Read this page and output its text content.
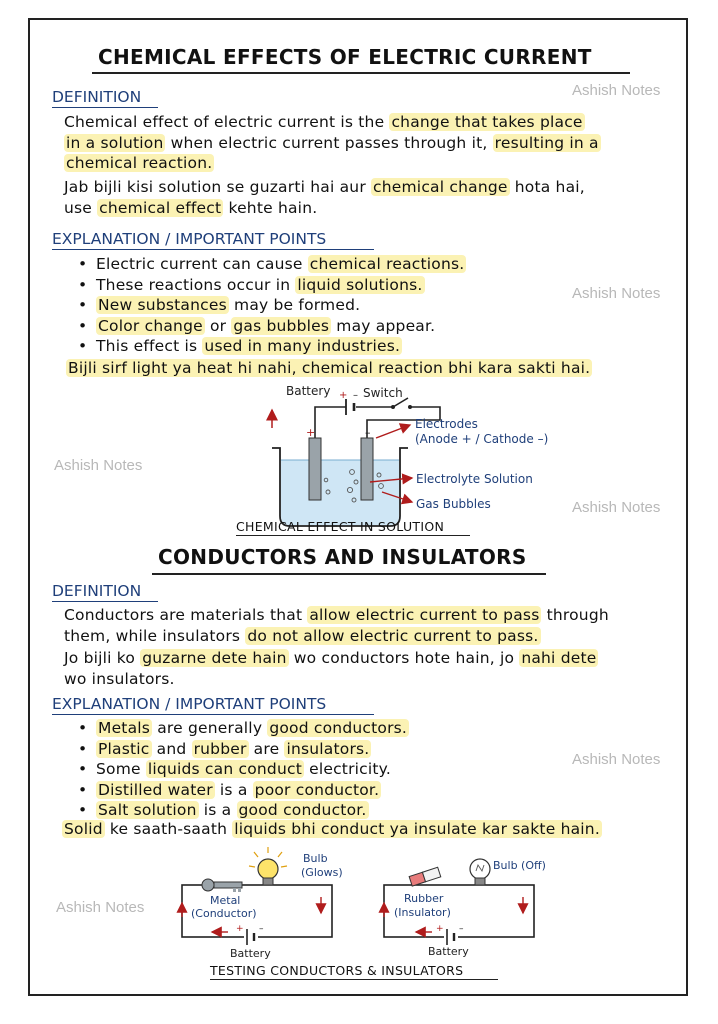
Ashish Notes
Ashish Notes
Ashish Notes
Ashish Notes
Ashish Notes
Ashish Notes
CHEMICAL EFFECTS OF ELECTRIC CURRENT
DEFINITION
Chemical effect of electric current is the change that takes place
in a solution when electric current passes through it, resulting in a
chemical reaction.
Jab bijli kisi solution se guzarti hai aur chemical change hota hai,
use chemical effect kehte hain.
EXPLANATION / IMPORTANT POINTS
• Electric current can cause chemical reactions.
• These reactions occur in liquid solutions.
• New substances may be formed.
• Color change or gas bubbles may appear.
• This effect is used in many industries.
Bijli sirf light ya heat hi nahi, chemical reaction bhi kara sakti hai.
+ –
Battery	Switch
+	–
Electrodes
(Anode + / Cathode –)
Electrolyte Solution
Gas Bubbles
CHEMICAL EFFECT IN SOLUTION
CONDUCTORS AND INSULATORS
DEFINITION
Conductors are materials that allow electric current to pass through
them, while insulators do not allow electric current to pass.
Jo bijli ko guzarne dete hain wo conductors hote hain, jo nahi dete
wo insulators.
EXPLANATION / IMPORTANT POINTS
• Metals are generally good conductors.
• Plastic and rubber are insulators.
• Some liquids can conduct electricity.
• Distilled water is a poor conductor.
• Salt solution is a good conductor.
Solid ke saath-saath liquids bhi conduct ya insulate kar sakte hain.
Bulb
(Glows)
Metal
(Conductor)
+ –
Battery
Bulb (Off)
Rubber
(Insulator)
+ –
Battery
TESTING CONDUCTORS & INSULATORS
